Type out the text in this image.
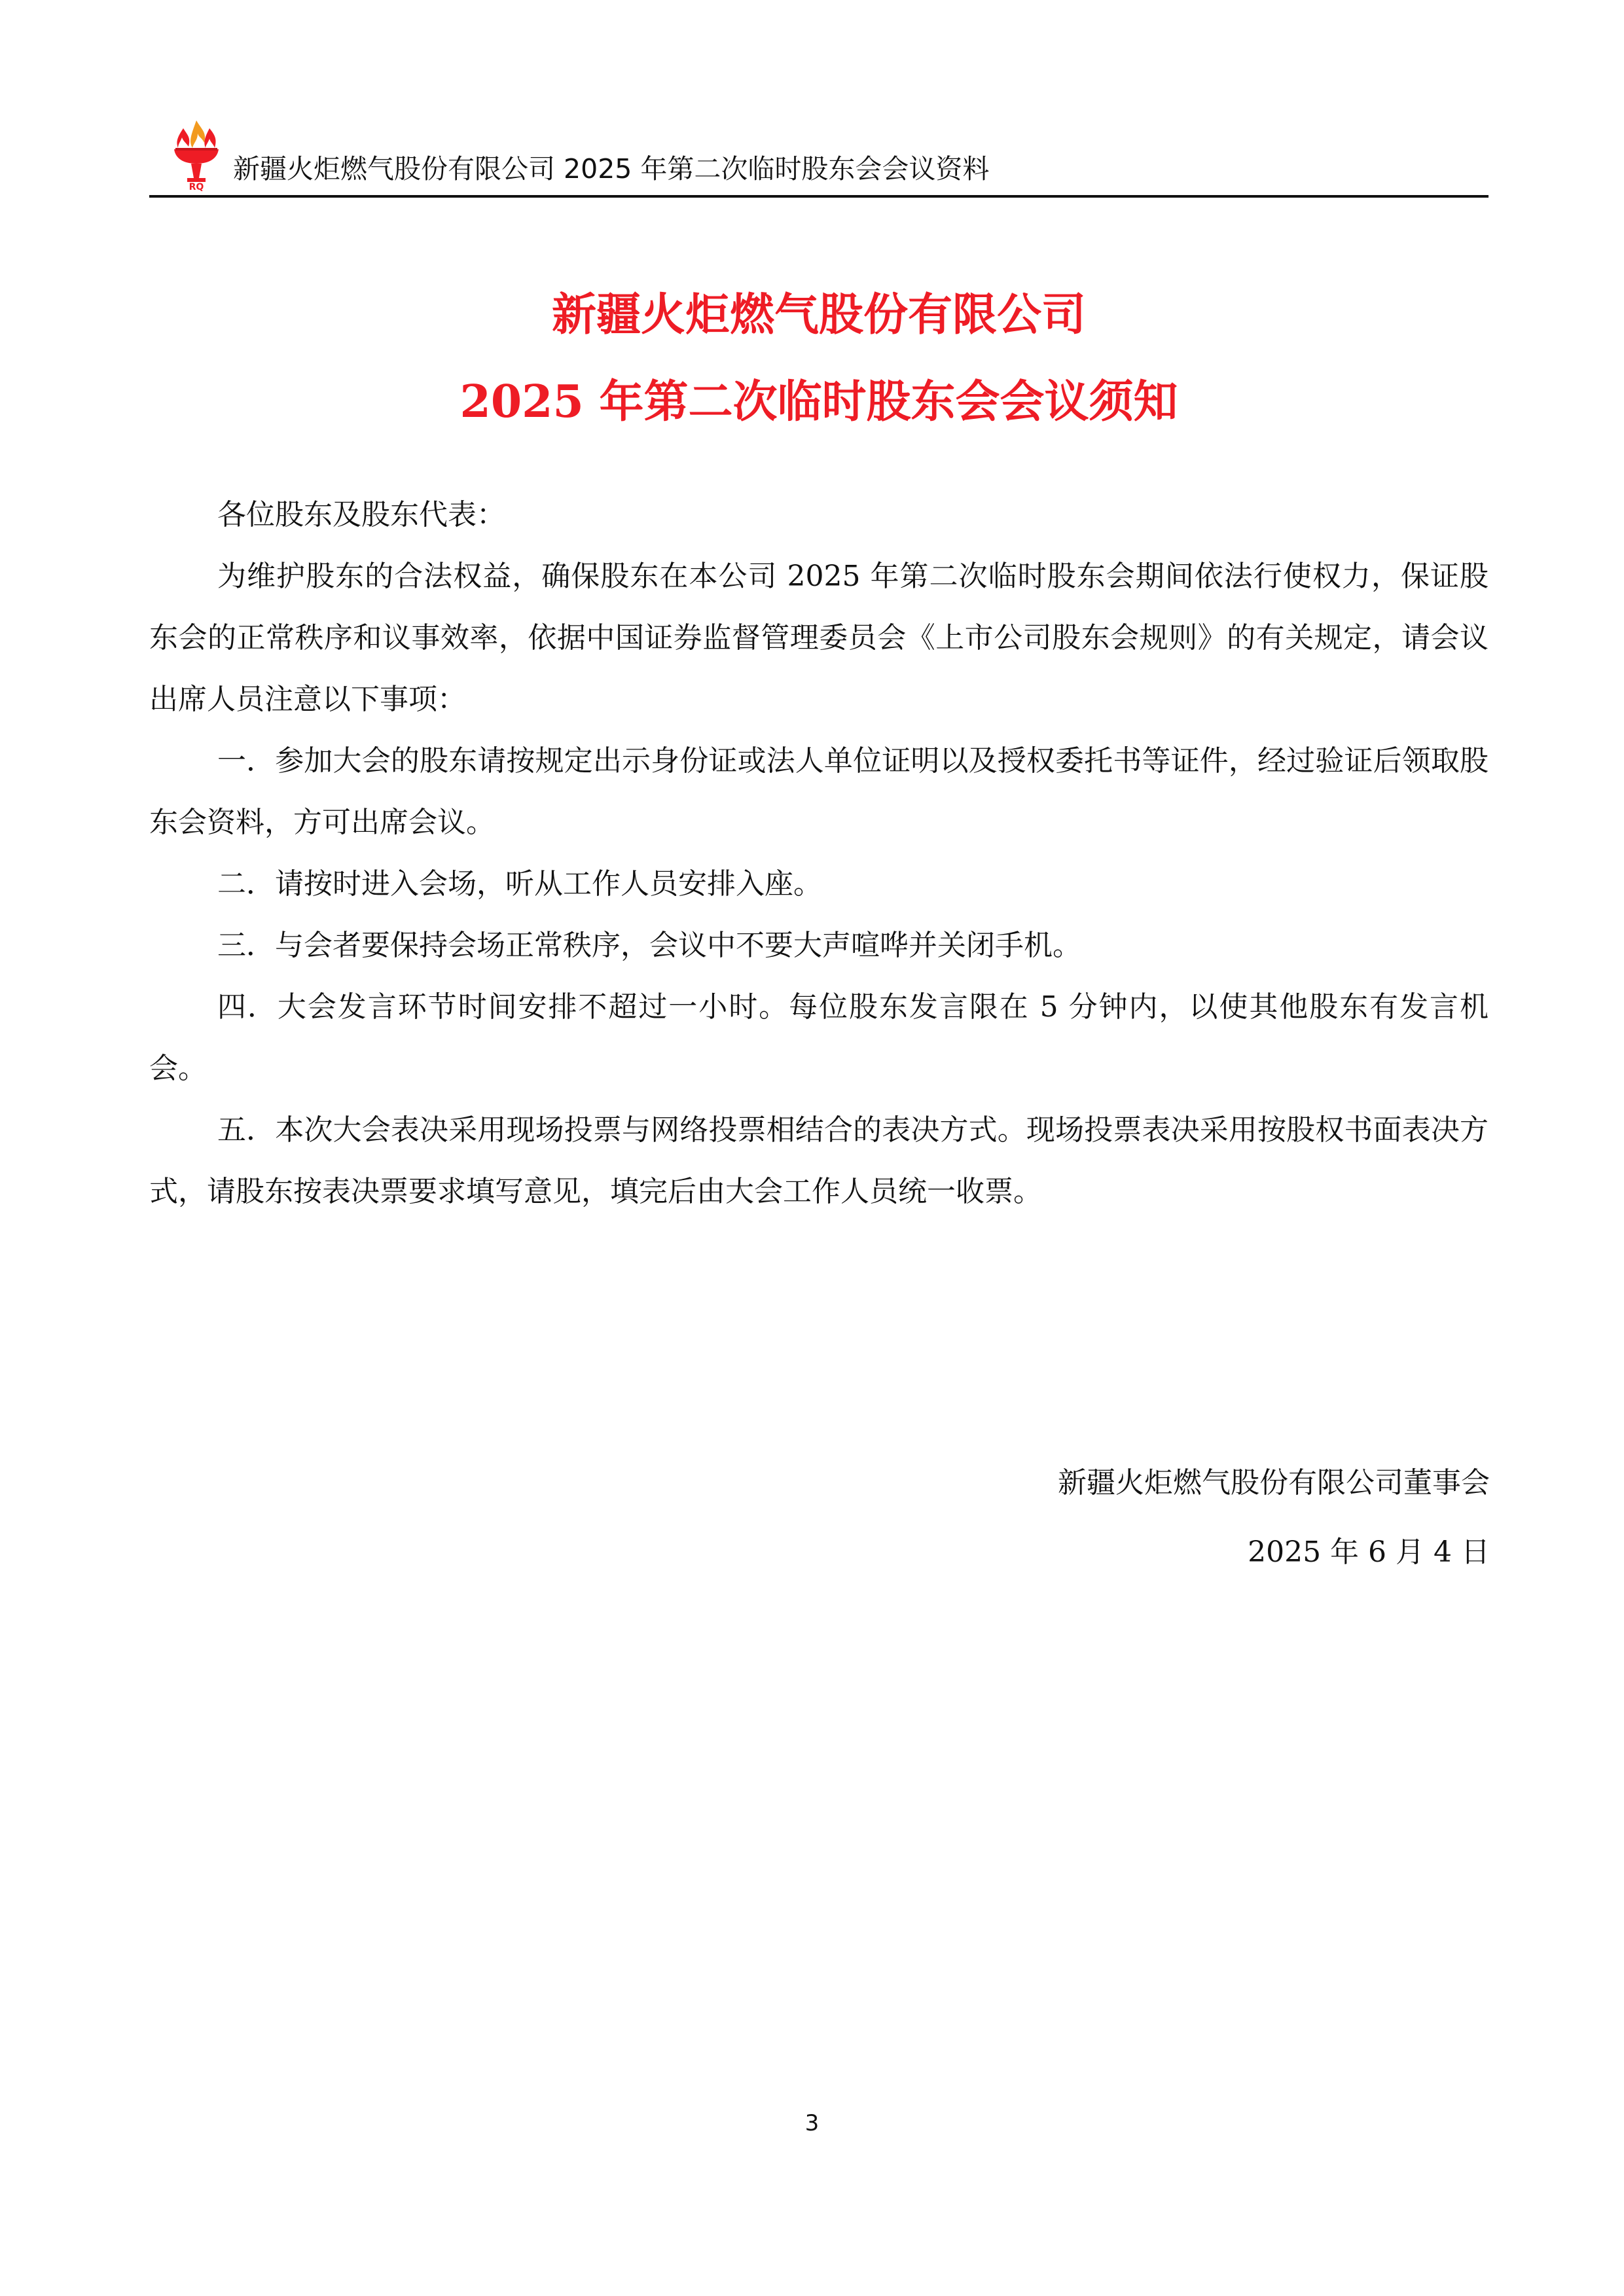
RQ
新疆火炬燃气股份有限公司 2025 年第二次临时股东会会议资料
新疆火炬燃气股份有限公司
2025 年第二次临时股东会会议须知

各位股东及股东代表：

为维护股东的合法权益，确保股东在本公司 2025 年第二次临时股东会期间依法行使权力，保证股东会的正常秩序和议事效率，依据中国证券监督管理委员会《上市公司股东会规则》的有关规定，请会议出席人员注意以下事项：

一．参加大会的股东请按规定出示身份证或法人单位证明以及授权委托书等证件，经过验证后领取股东会资料，方可出席会议。

二．请按时进入会场，听从工作人员安排入座。

三．与会者要保持会场正常秩序，会议中不要大声喧哗并关闭手机。

四．大会发言环节时间安排不超过一小时。每位股东发言限在 5 分钟内，以使其他股东有发言机会。

五．本次大会表决采用现场投票与网络投票相结合的表决方式。现场投票表决采用按股权书面表决方式，请股东按表决票要求填写意见，填完后由大会工作人员统一收票。

新疆火炬燃气股份有限公司董事会
2025 年 6 月 4 日
3
